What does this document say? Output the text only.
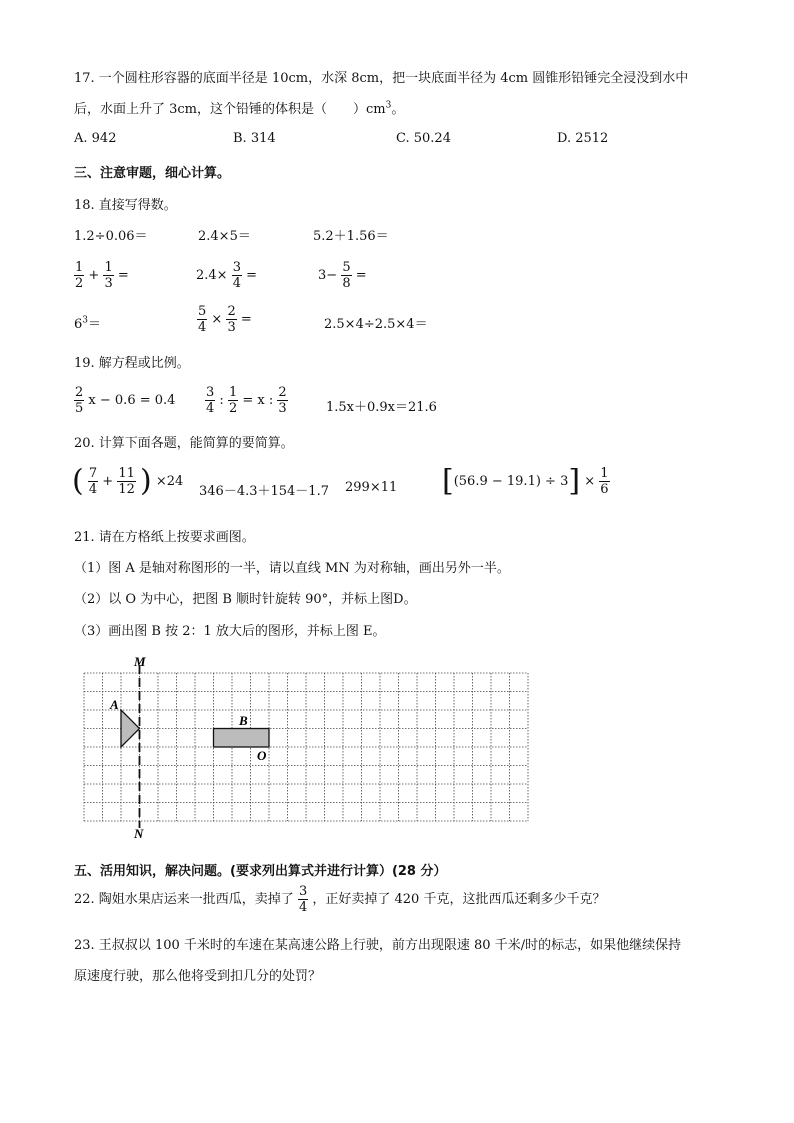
17. 一个圆柱形容器的底面半径是 10cm，水深 8cm，把一块底面半径为 4cm 圆锥形铅锤完全浸没到水中
后，水面上升了 3cm，这个铅锤的体积是（　　）$cm^3$。
A. 942	B. 314	C. 50.24	D. 2512
三、注意审题，细心计算。
18. 直接写得数。
1.2÷0.06＝	2.4×5＝	5.2＋1.56＝
$\frac{1}{2} + \frac{1}{3}$ =	$2.4\times \frac{3}{4}$ =	$3- \frac{5}{8}$ =
$6^3=$	$\frac{5}{4} \times \frac{2}{3}$ =	2.5×4÷2.5×4＝
19. 解方程或比例。
$\frac{2}{5}$ $x - 0.6 = 0.4 \frac{3}{4}$ : $\frac{1}{2} = x$ : $\frac{2}{3}$	1.5x＋0.9x＝21.6
20. 计算下面各题，能简算的要简算。
( $\frac{7}{4} + \frac{11}{12}$ ) ×24
346－4.3＋154－1.7 299×11 $[(56.9 - 19.1) \div 3] \times \frac{1}{6}$
21. 请在方格纸上按要求画图。
（1）图 A 是轴对称图形的一半，请以直线 MN 为对称轴，画出另外一半。
（2）以 O 为中心，把图 B 顺时针旋转 90°，并标上图D。
（3）画出图 B 按 2：1 放大后的图形，并标上图 E。
M
N
A
B
O
五、活用知识，解决问题。(要求列出算式并进行计算）(28 分）
22. 陶姐水果店运来一批西瓜，卖掉了 $\frac{3}{4}$ ，正好卖掉了 420 千克，这批西瓜还剩多少千克？
23. 王叔叔以 100 千米时的车速在某高速公路上行驶，前方出现限速 80 千米/时的标志，如果他继续保持
原速度行驶，那么他将受到扣几分的处罚？
